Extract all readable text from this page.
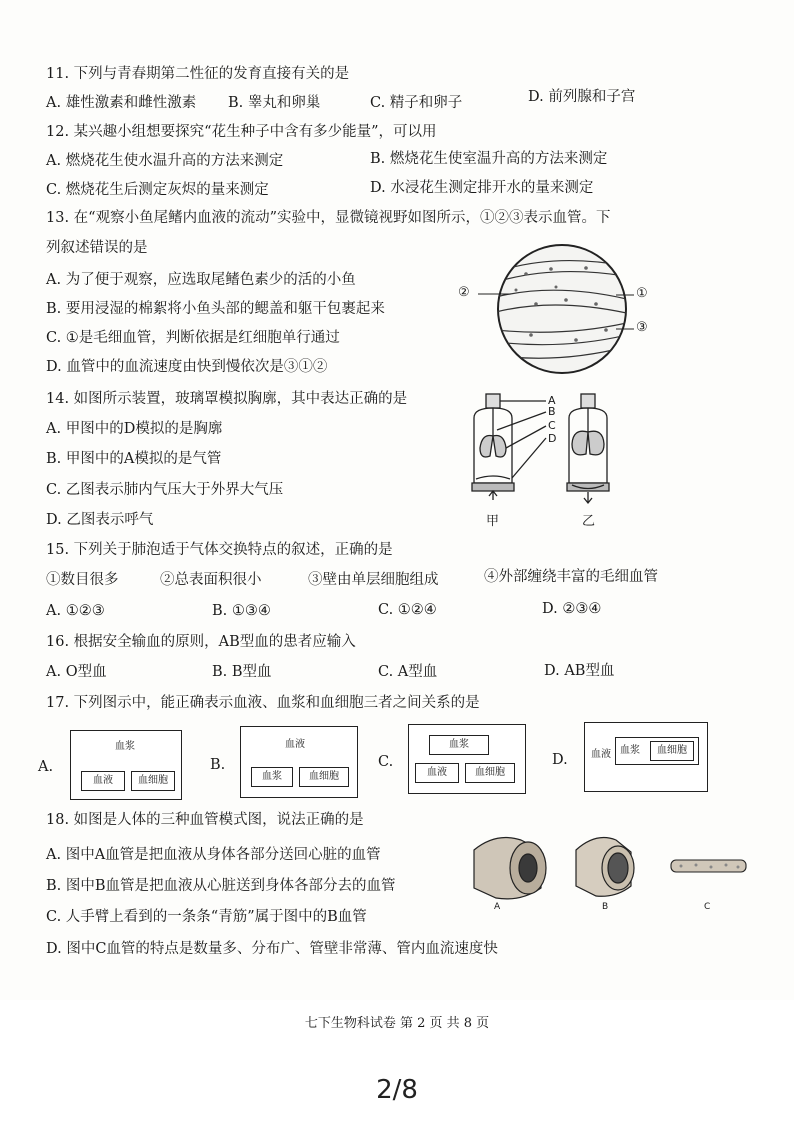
11. 下列与青春期第二性征的发育直接有关的是
A. 雄性激素和雌性激素 B. 睾丸和卵巢	C. 精子和卵子	D. 前列腺和子宫
12. 某兴趣小组想要探究“花生种子中含有多少能量”，可以用
A. 燃烧花生使水温升高的方法来测定	B. 燃烧花生使室温升高的方法来测定
C. 燃烧花生后测定灰烬的量来测定	D. 水浸花生测定排开水的量来测定
13. 在“观察小鱼尾鳍内血液的流动”实验中，显微镜视野如图所示，①②③表示血管。下
列叙述错误的是
A. 为了便于观察，应选取尾鳍色素少的活的小鱼
B. 要用浸湿的棉絮将小鱼头部的鳃盖和躯干包裹起来
C. ①是毛细血管，判断依据是红细胞单行通过
D. 血管中的血流速度由快到慢依次是③①②
②	①
③
14. 如图所示装置，玻璃罩模拟胸廓，其中表达正确的是
A. 甲图中的D模拟的是胸廓
B. 甲图中的A模拟的是气管
C. 乙图表示肺内气压大于外界大气压
D. 乙图表示呼气
A
B
C
D
甲	乙
15. 下列关于肺泡适于气体交换特点的叙述，正确的是
①数目很多	②总表面积很小	③壁由单层细胞组成	④外部缠绕丰富的毛细血管
A. ①②③	B. ①③④	C. ①②④	D. ②③④
16. 根据安全输血的原则，AB型血的患者应输入
A. O型血	B. B型血	C. A型血	D. AB型血
17. 下列图示中，能正确表示血液、血浆和血细胞三者之间关系的是
A.
血浆
血液	血细胞
B.
血液
血浆	血细胞
C.
血浆
血液	血细胞
D. 血液 血浆	血细胞
18. 如图是人体的三种血管模式图，说法正确的是
A. 图中A血管是把血液从身体各部分送回心脏的血管
B. 图中B血管是把血液从心脏送到身体各部分去的血管
C. 人手臂上看到的一条条“青筋”属于图中的B血管
D. 图中C血管的特点是数量多、分布广、管壁非常薄、管内血流速度快
A	B	C
七下生物科试卷 第 2 页 共 8 页
2/8
